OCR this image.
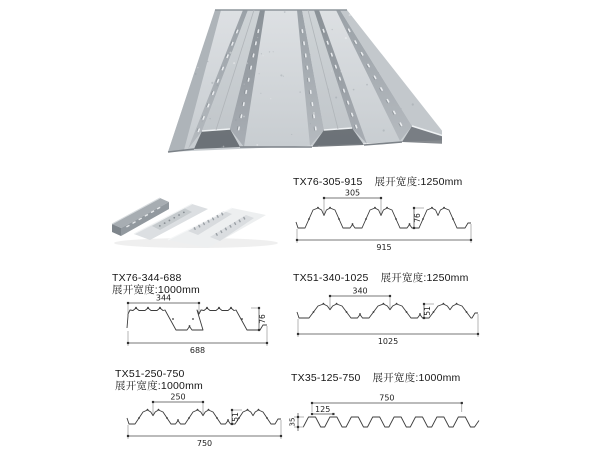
TX76-305-915 展开宽度:1250mm
305
915
76
TX76-344-688
展开宽度:1000mm
344
688
76
TX51-340-1025 展开宽度:1250mm
340
1025
51
TX51-250-750
展开宽度:1000mm
250
750
51
TX35-125-750 展开宽度:1000mm
750
125
35
